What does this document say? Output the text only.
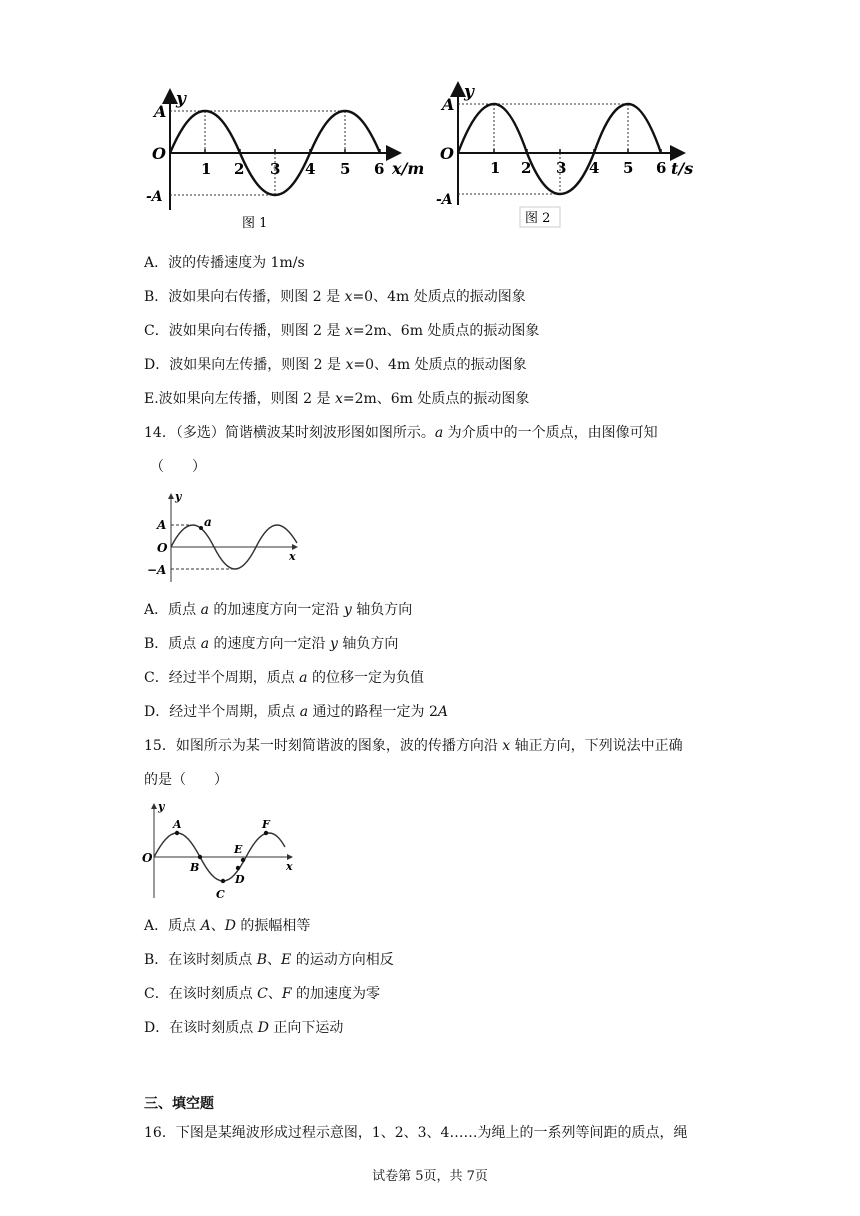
y
A
O
-A
1 2 3 4 5 6 x/m
图 1
y
A
O
-A
1 2 3 4 5 6 t/s
图 2
A．波的传播速度为 1m/s
B．波如果向右传播，则图 2 是 x=0、4m 处质点的振动图象
C．波如果向右传播，则图 2 是 x=2m、6m 处质点的振动图象
D．波如果向左传播，则图 2 是 x=0、4m 处质点的振动图象
E.波如果向左传播，则图 2 是 x=2m、6m 处质点的振动图象
14．（多选）简谐横波某时刻波形图如图所示。a 为介质中的一个质点，由图像可知
（　　）
y
A
O
−A
a
x
A．质点 a 的加速度方向一定沿 y 轴负方向
B．质点 a 的速度方向一定沿 y 轴负方向
C．经过半个周期，质点 a 的位移一定为负值
D．经过半个周期，质点 a 通过的路程一定为 2A
15．如图所示为某一时刻简谐波的图象，波的传播方向沿 x 轴正方向，下列说法中正确
的是（　　）
y
O
A
B
C
D
E
F
x
A．质点 A、D 的振幅相等
B．在该时刻质点 B、E 的运动方向相反
C．在该时刻质点 C、F 的加速度为零
D．在该时刻质点 D 正向下运动
三、填空题
16．下图是某绳波形成过程示意图，1、2、3、4……为绳上的一系列等间距的质点，绳
试卷第 5页，共 7页
